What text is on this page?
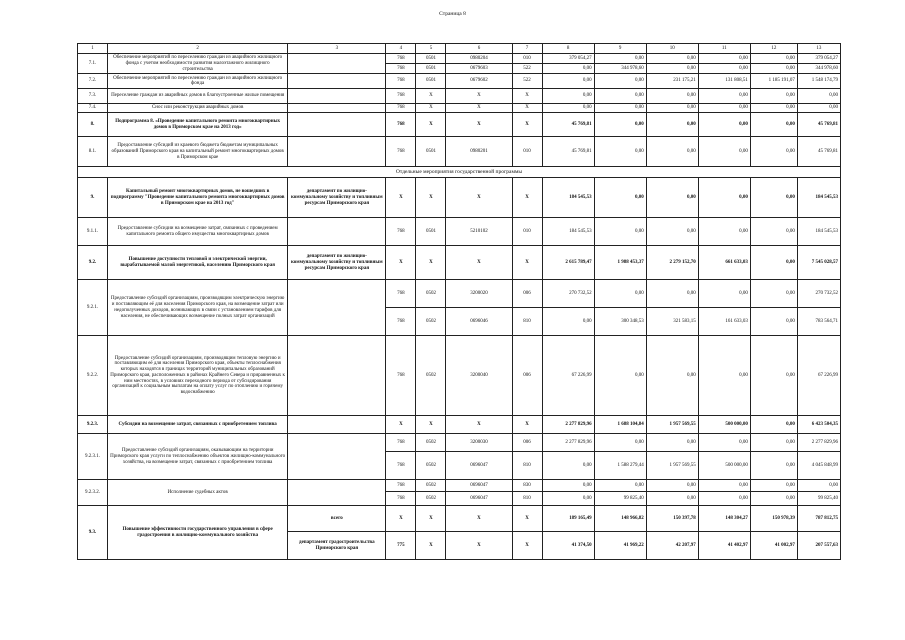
Страница 8
1	2	3	4	5	6	7	8	9	10	11	12	13
7.1.	Обеспечение мероприятий по переселению граждан из аварийного жилищного фонда с учетом необходимости развития малоэтажного жилищного строительства		768	0501	0980204	010	379 054,27	0,00	0,00	0,00	0,00	379 054,27
			768	0501	0679603	522	0,00	344 978,60	0,00	0,00	0,00	344 978,60
7.2.	Обеспечение мероприятий по переселению граждан из аварийного жилищного фонда		768	0501	0679602	522	0,00	0,00	231 175,21	131 808,51	1 185 191,07	1 548 174,79
7.3.	Переселение граждан из аварийных домов в благоустроенные жилые помещения		768	X	X	X	0,00	0,00	0,00	0,00	0,00	0,00
7.4.	Снос или реконструкция аварийных домов		768	X	X	X	0,00	0,00	0,00	0,00	0,00	0,00
8.	Подпрограмма 8. «Проведение капитального ремонта многоквартирных домов в Приморском крае на 2013 год»		768	X	X	X	45 769,81	0,00	0,00	0,00	0,00	45 769,81
8.1.	Предоставление субсидий из краевого бюджета бюджетам муниципальных образований Приморского края на капитальный ремонт многоквартирных домов в Приморском крае		768	0501	0980201	010	45 769,81	0,00	0,00	0,00	0,00	45 769,81
Отдельные мероприятия государственной программы												
9.	Капитальный ремонт многоквартирных домов, не вошедших в подпрограмму "Проведение капитального ремонта многоквартирных домов в Приморском крае на 2013 год"	департамент по жилищно-коммунальному хозяйству и топливным ресурсам Приморского края	X	X	X	X	184 545,53	0,00	0,00	0,00	0,00	184 545,53
9.1.1.	Предоставление субсидии на возмещение затрат, связанных с проведением капитального ремонта общего имущества многоквартирных домов		768	0501	5210102	010	184 545,53	0,00	0,00	0,00	0,00	184 545,53
9.2.	Повышение доступности тепловой и электрической энергии, вырабатываемой малой энергетикой, населению Приморского края	департамент по жилищно-коммунальному хозяйству и топливным ресурсам Приморского края	X	X	X	X	2 615 789,47	1 988 453,37	2 279 152,70	661 633,03	0,00	7 545 028,57
9.2.1.	Предоставление субсидий организациям, производящим электрическую энергию и поставляющим её для населения Приморского края, на возмещение затрат или недополученных доходов, возникающих в связи с установлением тарифов для населения, не обеспечивающих возмещение полных затрат организаций		768	0502	3200020	006	270 732,52	0,00	0,00	0,00	0,00	270 732,52
			768	0502	0696046	810	0,00	300 348,53	321 583,15	161 633,03	0,00	783 564,71
9.2.2.	Предоставление субсидий организациям, производящим тепловую энергию и поставляющим её для населения Приморского края, объекты теплоснабжения которых находятся в границах территорий муниципальных образований Приморского края, расположенных в районах Крайнего Севера и приравненных к ним местностях, в условиях переходного периода от субсидирования организаций к социальным выплатам на оплату услуг по отоплению и горячему водоснабжению		768	0502	3200040	006	67 226,99	0,00	0,00	0,00	0,00	67 226,99
9.2.3.	Субсидии на возмещение затрат, связанных с приобретением топлива		X	X	X	X	2 277 829,96	1 688 104,84	1 957 569,55	500 000,00	0,00	6 423 504,35
9.2.3.1.	Предоставление субсидий организациям, оказывающим на территории Приморского края услуги по теплоснабжению объектов жилищно-коммунального хозяйства, на возмещение затрат, связанных с приобретением топлива		768	0502	3200030	006	2 277 829,96	0,00	0,00	0,00	0,00	2 277 829,96
			768	0502	0696047	810	0,00	1 588 279,44	1 957 569,55	500 000,00	0,00	4 045 848,99
9.2.3.2.	Исполнение судебных актов		768	0502	0696047	830	0,00	0,00	0,00	0,00	0,00	0,00
			768	0502	0696047	810	0,00	99 825,40	0,00	0,00	0,00	99 825,40
9.3.	Повышение эффективности государственного управления в сфере градостроения в жилищно-коммунального хозяйства	всего	X	X	X	X	189 165,49	148 966,82	150 397,78	148 304,27	150 978,39	787 812,75
		департамент градостроительства Приморского края	775	X	X	X	41 374,50	41 969,22	42 207,97	41 402,97	41 002,97	207 557,63
